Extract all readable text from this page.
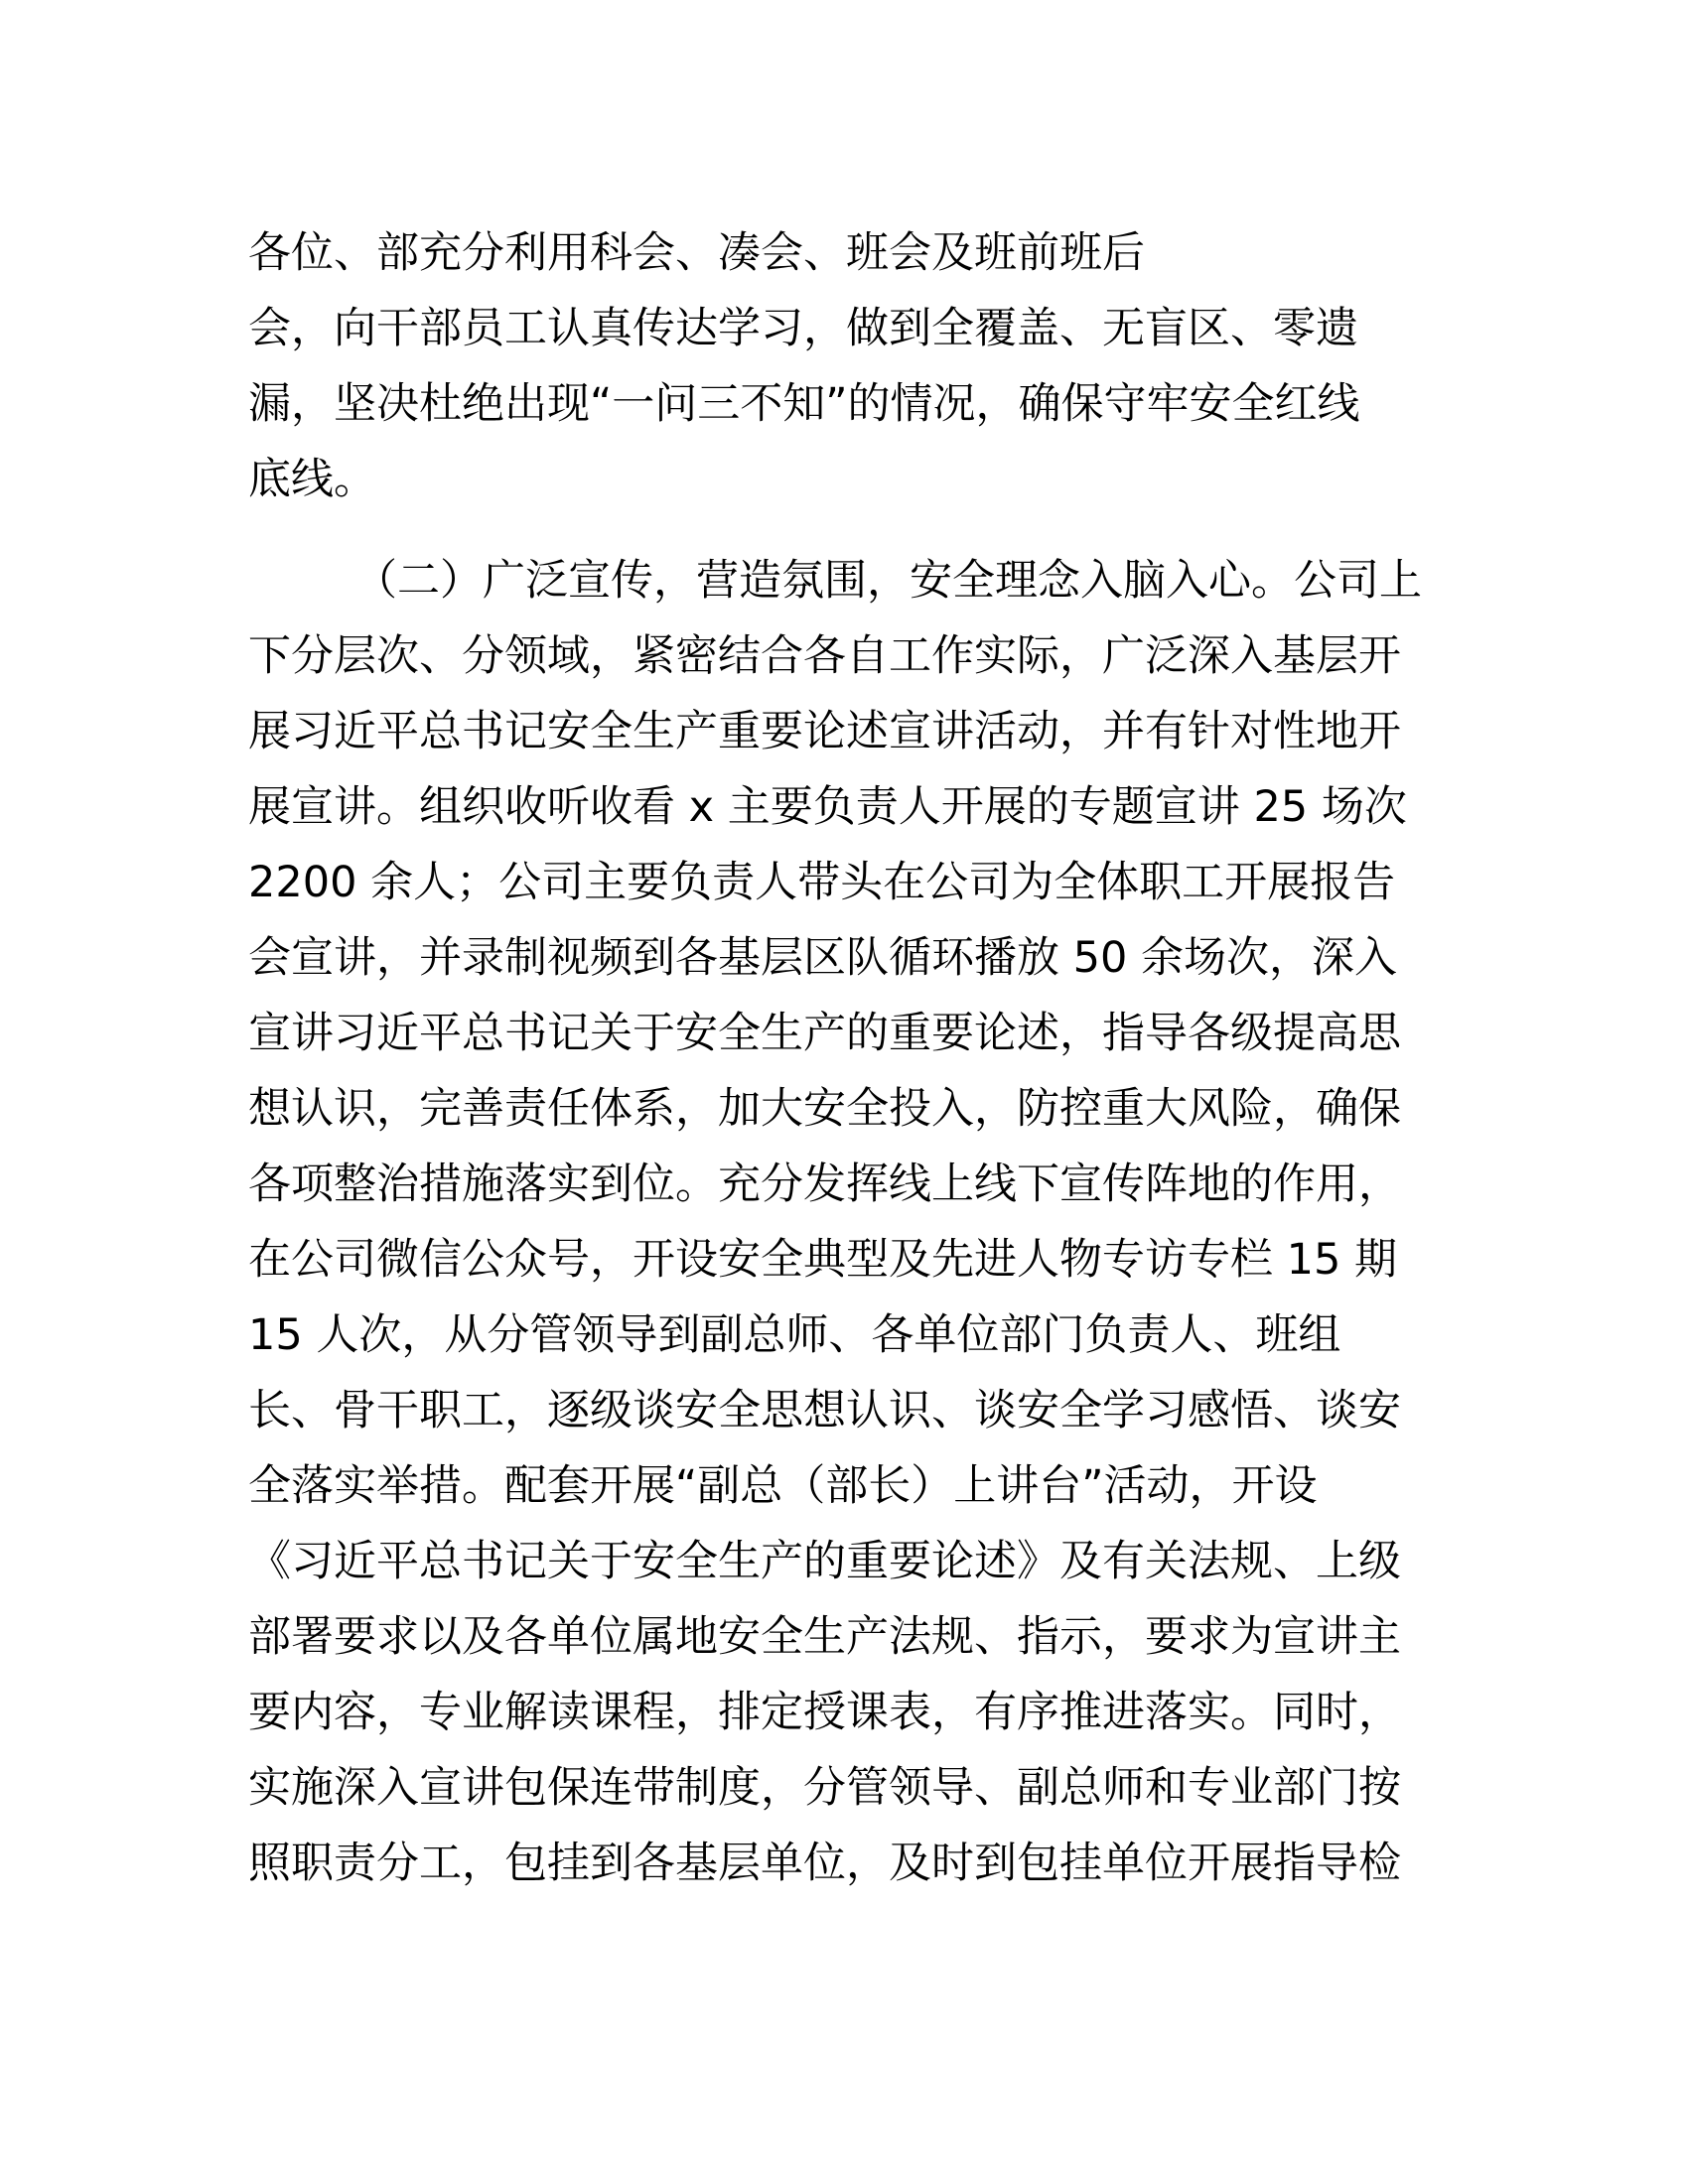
各位、部充分利用科会、凑会、班会及班前班后
会，向干部员工认真传达学习，做到全覆盖、无盲区、零遗
漏，坚决杜绝出现“一问三不知”的情况，确保守牢安全红线
底线。
（二）广泛宣传，营造氛围，安全理念入脑入心。公司上
下分层次、分领域，紧密结合各自工作实际，广泛深入基层开
展习近平总书记安全生产重要论述宣讲活动，并有针对性地开
展宣讲。组织收听收看 x 主要负责人开展的专题宣讲 25 场次
2200 余人；公司主要负责人带头在公司为全体职工开展报告
会宣讲，并录制视频到各基层区队循环播放 50 余场次，深入
宣讲习近平总书记关于安全生产的重要论述，指导各级提高思
想认识，完善责任体系，加大安全投入，防控重大风险，确保
各项整治措施落实到位。充分发挥线上线下宣传阵地的作用，
在公司微信公众号，开设安全典型及先进人物专访专栏 15 期
15 人次，从分管领导到副总师、各单位部门负责人、班组
长、骨干职工，逐级谈安全思想认识、谈安全学习感悟、谈安
全落实举措。配套开展“副总（部长）上讲台”活动，开设
《习近平总书记关于安全生产的重要论述》及有关法规、上级
部署要求以及各单位属地安全生产法规、指示，要求为宣讲主
要内容，专业解读课程，排定授课表，有序推进落实。同时，
实施深入宣讲包保连带制度，分管领导、副总师和专业部门按
照职责分工，包挂到各基层单位，及时到包挂单位开展指导检
